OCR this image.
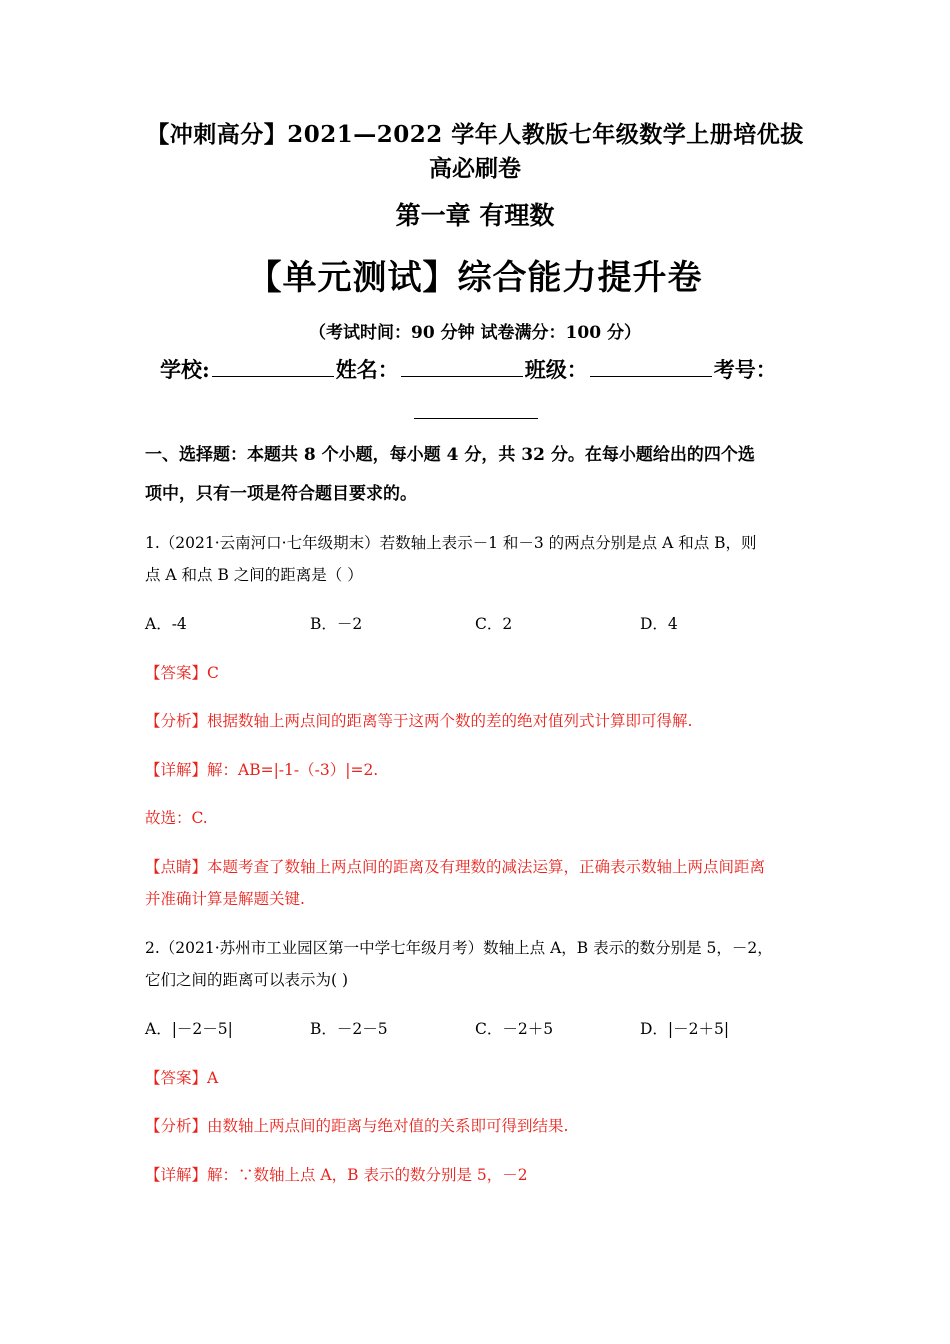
【冲刺高分】2021—2022 学年人教版七年级数学上册培优拔
高必刷卷
第一章 有理数
【单元测试】综合能力提升卷
（考试时间：90 分钟 试卷满分：100 分）
学校:	姓名：	班级：	考号：
一、选择题：本题共 8 个小题，每小题 4 分，共 32 分。在每小题给出的四个选
项中，只有一项是符合题目要求的。
1.（2021·云南河口·七年级期末）若数轴上表示－1 和－3 的两点分别是点 A 和点 B，则
点 A 和点 B 之间的距离是（ ）
A．-4	B．－2	C．2	D．4
【答案】C
【分析】根据数轴上两点间的距离等于这两个数的差的绝对值列式计算即可得解.
【详解】解：AB=|-1-（-3）|=2.
故选：C.
【点睛】本题考查了数轴上两点间的距离及有理数的减法运算，正确表示数轴上两点间距离
并准确计算是解题关键.
2.（2021·苏州市工业园区第一中学七年级月考）数轴上点 A，B 表示的数分别是 5，－2，
它们之间的距离可以表示为( )
A．|－2－5|	B．－2－5	C．－2＋5	D．|－2＋5|
【答案】A
【分析】由数轴上两点间的距离与绝对值的关系即可得到结果.
【详解】解：∵数轴上点 A，B 表示的数分别是 5，－2
